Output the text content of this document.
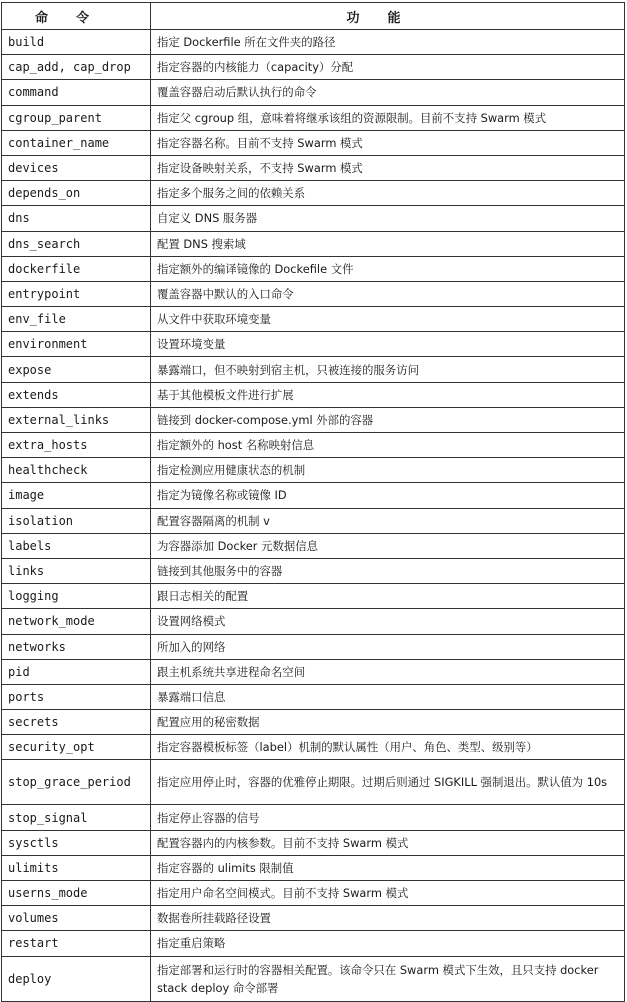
命令	功能
build	指定 Dockerfile 所在文件夹的路径
cap_add, cap_drop	指定容器的内核能力（capacity）分配
command	覆盖容器启动后默认执行的命令
cgroup_parent	指定父 cgroup 组，意味着将继承该组的资源限制。目前不支持 Swarm 模式
container_name	指定容器名称。目前不支持 Swarm 模式
devices	指定设备映射关系，不支持 Swarm 模式
depends_on	指定多个服务之间的依赖关系
dns	自定义 DNS 服务器
dns_search	配置 DNS 搜索域
dockerfile	指定额外的编译镜像的 Dockefile 文件
entrypoint	覆盖容器中默认的入口命令
env_file	从文件中获取环境变量
environment	设置环境变量
expose	暴露端口，但不映射到宿主机，只被连接的服务访问
extends	基于其他模板文件进行扩展
external_links	链接到 docker-compose.yml 外部的容器
extra_hosts	指定额外的 host 名称映射信息
healthcheck	指定检测应用健康状态的机制
image	指定为镜像名称或镜像 ID
isolation	配置容器隔离的机制 v
labels	为容器添加 Docker 元数据信息
links	链接到其他服务中的容器
logging	跟日志相关的配置
network_mode	设置网络模式
networks	所加入的网络
pid	跟主机系统共享进程命名空间
ports	暴露端口信息
secrets	配置应用的秘密数据
security_opt	指定容器模板标签（label）机制的默认属性（用户、角色、类型、级别等）
stop_grace_period	指定应用停止时，容器的优雅停止期限。过期后则通过 SIGKILL 强制退出。默认值为 10s
stop_signal	指定停止容器的信号
sysctls	配置容器内的内核参数。目前不支持 Swarm 模式
ulimits	指定容器的 ulimits 限制值
userns_mode	指定用户命名空间模式。目前不支持 Swarm 模式
volumes	数据卷所挂载路径设置
restart	指定重启策略
deploy	指定部署和运行时的容器相关配置。该命令只在 Swarm 模式下生效，且只支持 docker stack deploy 命令部署
